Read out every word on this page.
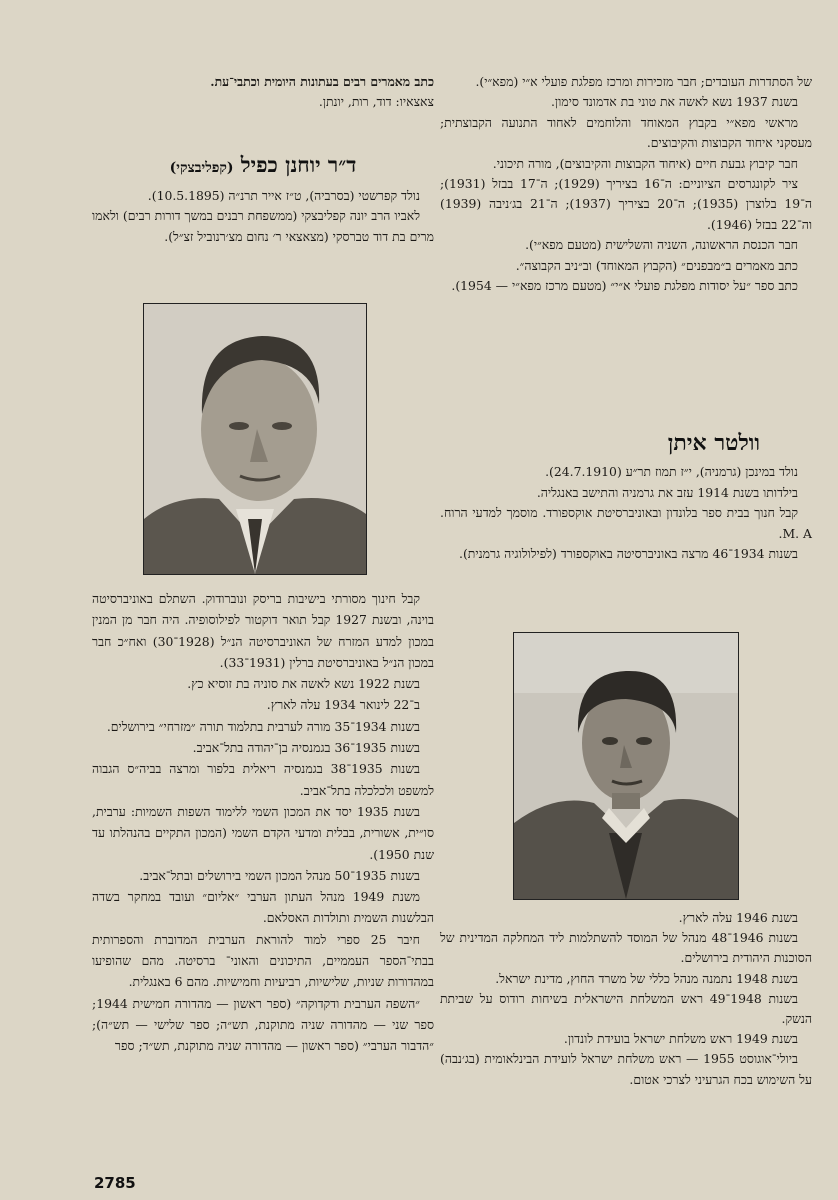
של הסתדרות העובדים; חבר מזכירות ומרכז מפלגת פועלי א״י (מפא״י).

בשנת 1937 נשא לאשה את טוני בת אדמונד סימון.

מראשי מפא״י בקבוץ המאוחד והלוחמים לאחוד התנועה הקבוצתית; מעסקני איחוד הקבוצות והקיבוצים.

חבר קיבוץ גבעת חיים (איחוד הקבוצות והקיבוצים), מורה תיכוני.

ציר לקונגרסים הציוניים: ה־16 בציריך (1929); ה־17 בבזל (1931); ה־19 בלוצרן (1935); ה־20 בציריך (1937); ה־21 בג׳ניבה (1939) וה־22 בבזל (1946).

חבר הכנסת הראשונה, השניה והשלישית (מטעם מפא״י).

כתב מאמרים ב״מבפנים״ (הקבוץ המאוחד) וב״ניב הקבוצה״.

כתב ספר ״על יסודות מפלגת פועלי א״י״ (מטעם מרכז מפא״י — 1954).

וולטר איתן

נולד במינכן (גרמניה), י״ז תמוז תר״ע (24.7.1910).

בילדותו בשנת 1914 עזב את גרמניה והתישב באנגליה.

קבל חנוך בבית ספר בלונדון ובאוניברסיטת אוקספורד. מוסמך למדעי הרוח. M. A.

בשנות 1934־46 מרצה באוניברסיטה באוקספורד (לפילולוגיה גרמנית).

בשנת 1946 עלה לארץ.

בשנות 1946־48 מנהל של המוסד להשתלמות ליד המחלקה המדינית של הסוכנות היהודית בירושלים.

בשנת 1948 נתמנה מנהל כללי של משרד החוץ, מדינת ישראל.

בשנות 1948־49 ראש המשלחת הישראלית בשיחות רודוס על שביתת הנשק.

בשנת 1949 ראש משלחת ישראל בועידת לונדון.

ביולי־אוגוסט 1955 — ראש משלחת ישראל לועידת הבינלאומית (בג׳נבה) על השימוש בכח הגרעיני לצרכי אטום.

כתב מאמרים רבים בעתונות היומית וכתבי־עת.

צאצאיו: דוד, רות, יונתן.

ד״ר יוחנן כפיל (קפליבצקי)

נולד קפרשטי (בסרביה), ט״ז אייר תרנ״ה (10.5.1895).

לאביו הרב יונה קפליבצקי (ממשפחת רבנים במשך דורות רבים) ולאמו מרים בת דוד טברסקי (מצאצאי ר׳ נחום מצ׳רנוביל זצ״ל).

קבל חינוך מסורתי בישיבות בריסק ונוברודוק. השתלם באוניברסיטה בוינה, ובשנת 1927 קבל תואר דוקטור לפילוסופיה. היה חבר מן המנין במכון למדע המזרח של האוניברסיטה הנ״ל (1928־30) ואח״כ חבר במכון הנ״ל באוניברסיטת ברלין (1931־33).

בשנת 1922 נשא לאשה את סוניה בת זוסיא כץ.

ב־22 לינואר 1934 עלה לארץ.

בשנות 1934־35 מורה לערבית בתלמוד תורה ״מזרחי״ בירושלים.

בשנות 1935־36 בגמנסיה בן־יהודה בתל־אביב.

בשנות 1935־38 בגמנסיה ריאלית בלפור ומרצה בביה״ס הגבוה למשפט ולכלכלה בתל־אביב.

בשנת 1935 יסד את המכון השמי ללימוד השפות השמיות: ערבית, סו״ית, אשורית, בבלית ומדעי הקדם השמי (המכון התקיים בהנהלתו עד שנת 1950).

בשנות 1935־50 מנהל המכון השמי בירושלים ובתל־אביב.

משנת 1949 מנהל העתון הערבי ״אליום״ ועובד במחקר בשדה הבלשנות השמית ותולדות האסלאם.

חיבר 25 ספרי למוד להוראת הערבית המדוברת והספרותית בבתי־הספר העממיים, התיכונים והאוני־ ברסיטה. מהם שהופיעו במהדורות שניות, שלישיות, רביעיות וחמישיות. מהם 6 באנגלית.

״השפה הערבית ודקדוקה״ (ספר ראשון — מהדורה חמישית 1944; ספר שני — מהדורה שניה מתוקנת, תש״ה; ספר שלישי — תש״ה); ״הדבור הערבי״ (ספר ראשון — מהדורה שניה מתוקנת, תש״ד; ספר

2785
